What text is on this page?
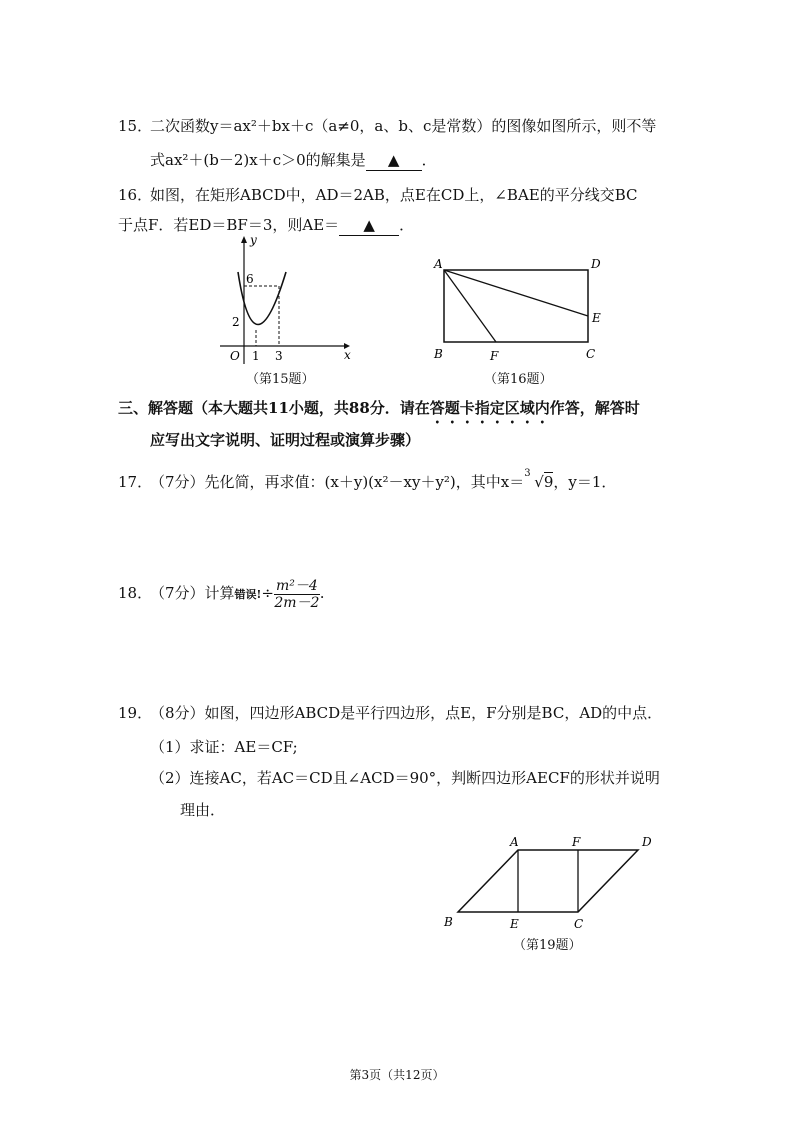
15．
二次函数y＝ax²＋bx＋c（a≠0，a、b、c是常数）的图像如图所示，则不等
式ax²＋(b－2)x＋c＞0的解集是 ▲ ．
16．
如图，在矩形ABCD中，AD＝2AB，点E在CD上，∠BAE的平分线交BC
于点F．若ED＝BF＝3，则AE＝ ▲ ．
y
x
O 1 3
2
6
（第15题）
A	D
E
B	F	C
（第16题）
三、解答题（本大题共11小题，共88分．请在答题卡指定区域内作答，解答时
应写出文字说明、证明过程或演算步骤）
17．
（7分）先化简，再求值：(x＋y)(x²－xy＋y²)，其中x＝ 3 √9，y＝1．
18．
（7分）计算错误!÷ $\frac{\text{m²－4}}{2m-2}$ .
19．
（8分）如图，四边形ABCD是平行四边形，点E，F分别是BC，AD的中点．
（1）求证：AE＝CF;
（2）连接AC，若AC＝CD且∠ACD＝90°，判断四边形AECF的形状并说明
理由．
A	F	D
B	E	C
（第19题）
第3页（共12页）
